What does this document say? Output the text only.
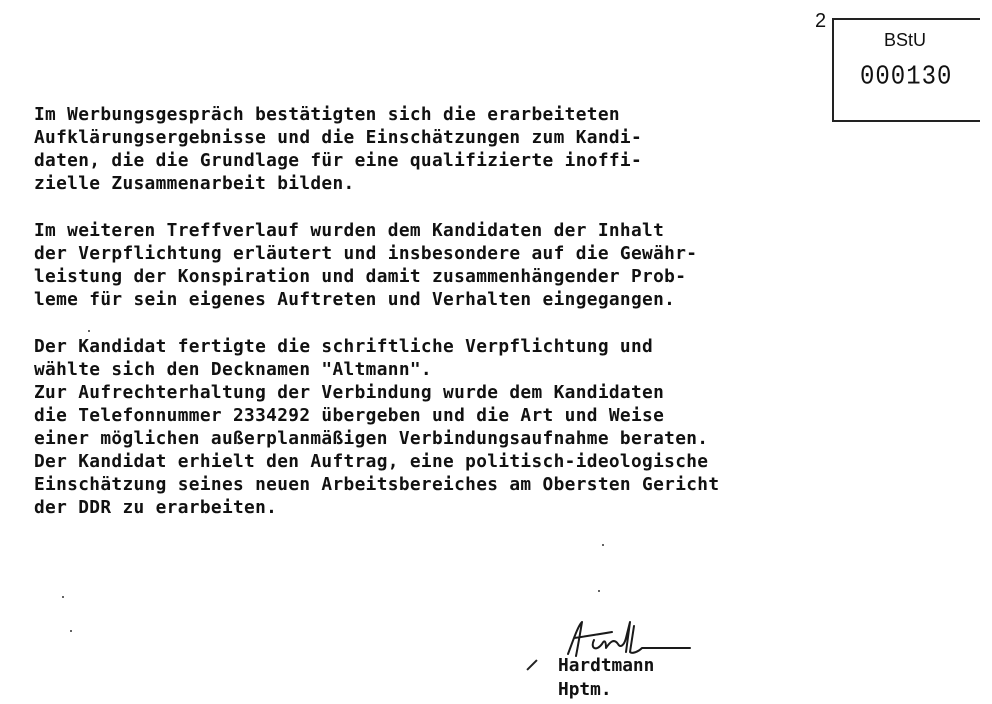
2
BStU
000130
Im Werbungsgespräch bestätigten sich die erarbeiteten
Aufklärungsergebnisse und die Einschätzungen zum Kandi-
daten, die die Grundlage für eine qualifizierte inoffi-
zielle Zusammenarbeit bilden.
Im weiteren Treffverlauf wurden dem Kandidaten der Inhalt
der Verpflichtung erläutert und insbesondere auf die Gewähr-
leistung der Konspiration und damit zusammenhängender Prob-
leme für sein eigenes Auftreten und Verhalten eingegangen.
Der Kandidat fertigte die schriftliche Verpflichtung und
wählte sich den Decknamen "Altmann".
Zur Aufrechterhaltung der Verbindung wurde dem Kandidaten
die Telefonnummer 2334292 übergeben und die Art und Weise
einer möglichen außerplanmäßigen Verbindungsaufnahme beraten.
Der Kandidat erhielt den Auftrag, eine politisch-ideologische
Einschätzung seines neuen Arbeitsbereiches am Obersten Gericht
der DDR zu erarbeiten.
Hardtmann
Hptm.
